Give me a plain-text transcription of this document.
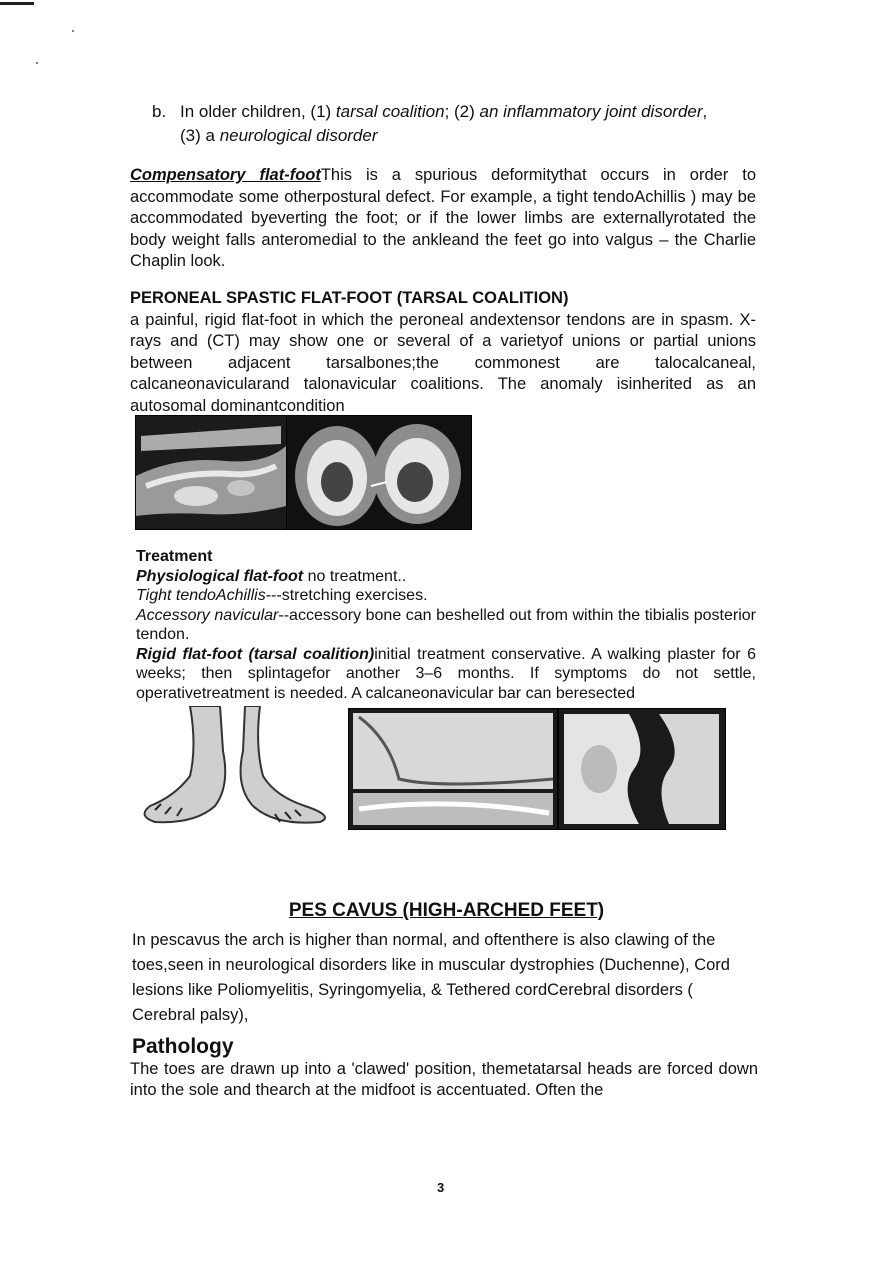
b. In older children, (1) tarsal coalition; (2) an inflammatory joint disorder,
(3) a neurological disorder
Compensatory flat-footThis is a spurious deformitythat occurs in order to accommodate some otherpostural defect. For example, a tight tendoAchillis ) may be accommodated byeverting the foot; or if the lower limbs are externallyrotated the body weight falls anteromedial to the ankleand the feet go into valgus – the Charlie Chaplin look.
PERONEAL SPASTIC FLAT-FOOT (TARSAL COALITION)
a painful, rigid flat-foot in which the peroneal andextensor tendons are in spasm. X-rays and (CT) may show one or several of a varietyof unions or partial unions between adjacent tarsalbones;the commonest are talocalcaneal, calcaneonavicularand talonavicular coalitions. The anomaly isinherited as an autosomal dominantcondition
Treatment
Physiological flat-foot no treatment..
Tight tendoAchillis---stretching exercises.
Accessory navicular--accessory bone can beshelled out from within the tibialis posterior tendon.
Rigid flat-foot (tarsal coalition)initial treatment conservative. A walking plaster for 6 weeks; then splintagefor another 3–6 months. If symptoms do not settle, operativetreatment is needed. A calcaneonavicular bar can beresected
PES CAVUS (HIGH-ARCHED FEET)
In pescavus the arch is higher than normal, and oftenthere is also clawing of the toes,seen in neurological disorders like in muscular dystrophies (Duchenne), Cord lesions like Poliomyelitis, Syringomyelia, & Tethered cordCerebral disorders ( Cerebral palsy),
Pathology
The toes are drawn up into a 'clawed' position, themetatarsal heads are forced down into the sole and thearch at the midfoot is accentuated. Often the
3
